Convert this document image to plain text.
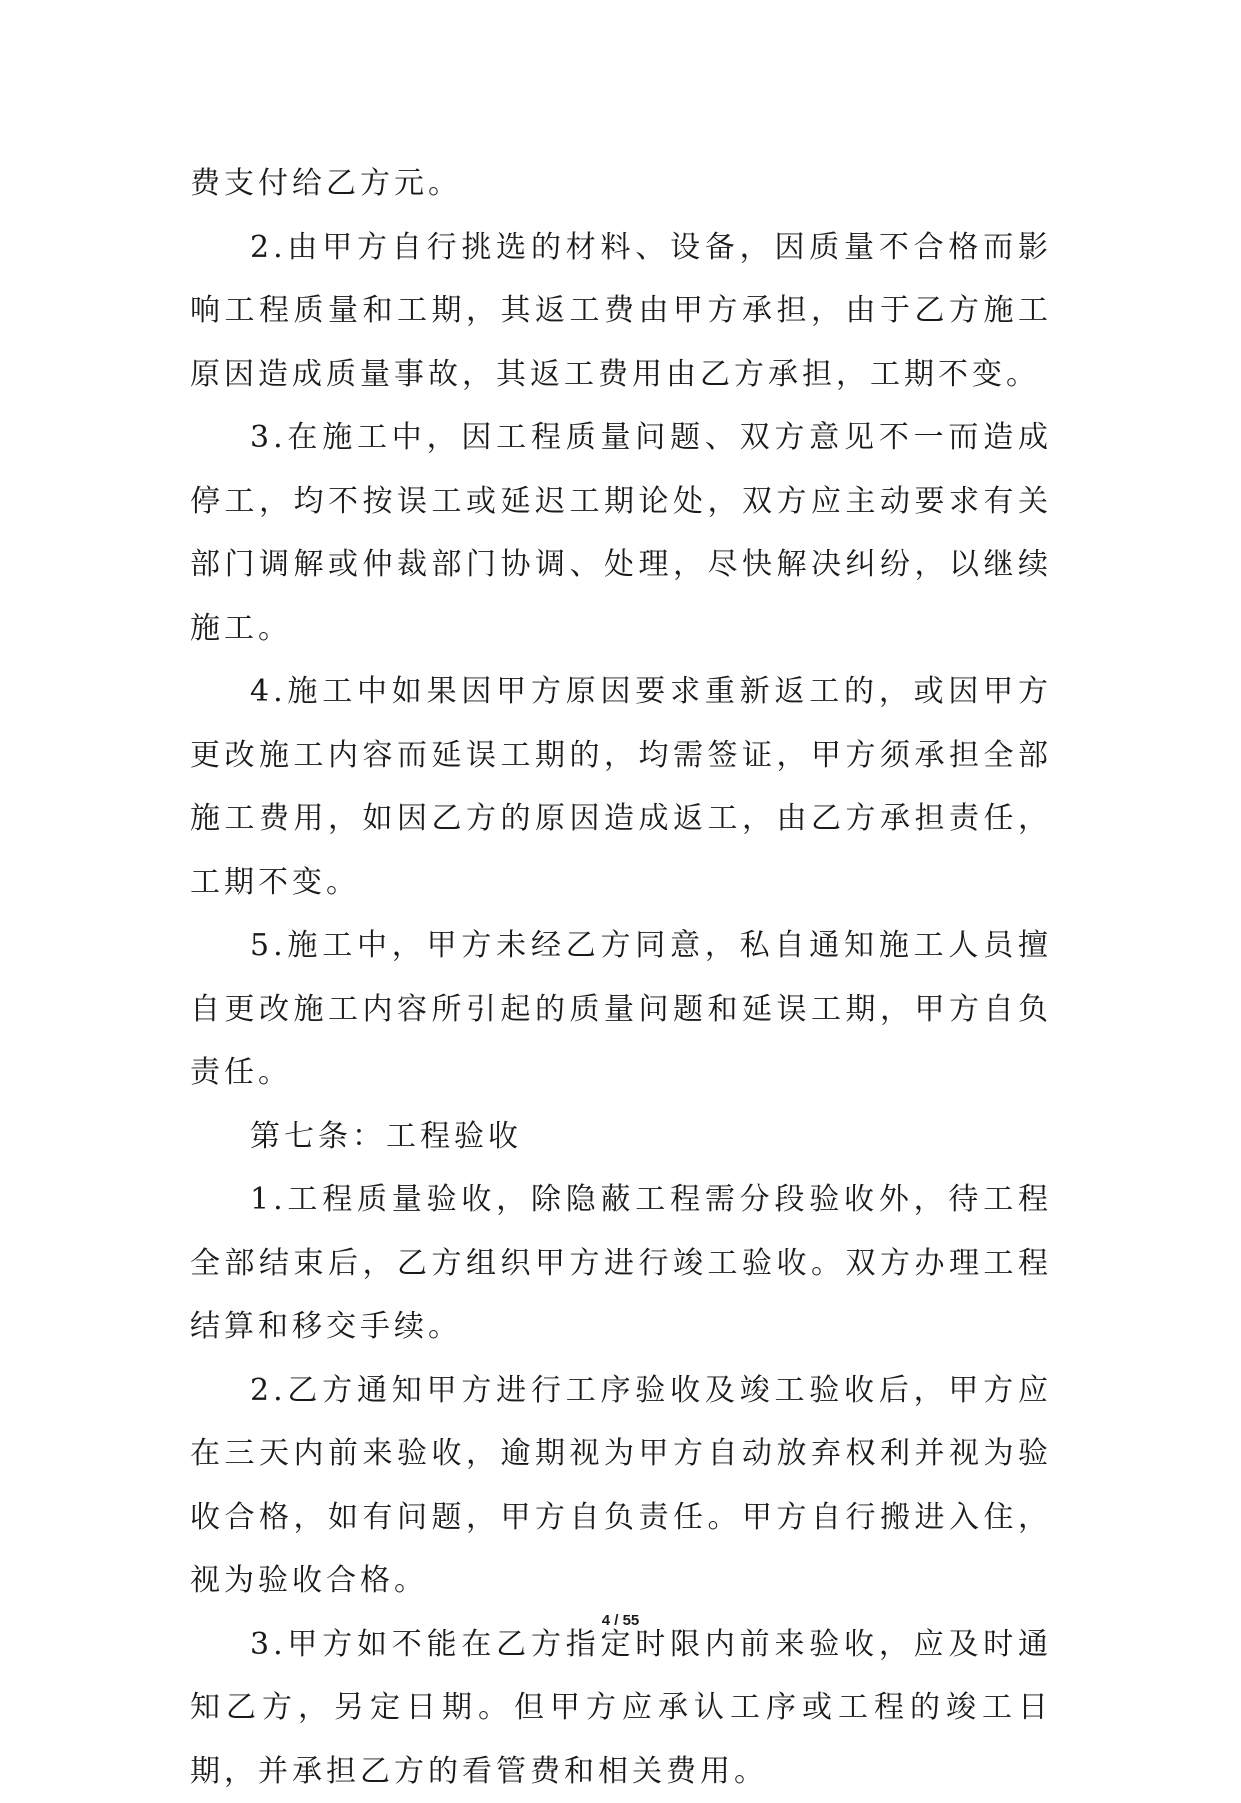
费支付给乙方元。

2.由甲方自行挑选的材料、设备，因质量不合格而影响工程质量和工期，其返工费由甲方承担，由于乙方施工原因造成质量事故，其返工费用由乙方承担，工期不变。

3.在施工中，因工程质量问题、双方意见不一而造成停工，均不按误工或延迟工期论处，双方应主动要求有关部门调解或仲裁部门协调、处理，尽快解决纠纷，以继续施工。

4.施工中如果因甲方原因要求重新返工的，或因甲方更改施工内容而延误工期的，均需签证，甲方须承担全部施工费用，如因乙方的原因造成返工，由乙方承担责任，工期不变。

5.施工中，甲方未经乙方同意，私自通知施工人员擅自更改施工内容所引起的质量问题和延误工期，甲方自负责任。

第七条：工程验收

1.工程质量验收，除隐蔽工程需分段验收外，待工程全部结束后，乙方组织甲方进行竣工验收。双方办理工程结算和移交手续。

2.乙方通知甲方进行工序验收及竣工验收后，甲方应在三天内前来验收，逾期视为甲方自动放弃权利并视为验收合格，如有问题，甲方自负责任。甲方自行搬进入住，视为验收合格。

3.甲方如不能在乙方指定时限内前来验收，应及时通知乙方，另定日期。但甲方应承认工序或工程的竣工日期，并承担乙方的看管费和相关费用。

4 / 55
